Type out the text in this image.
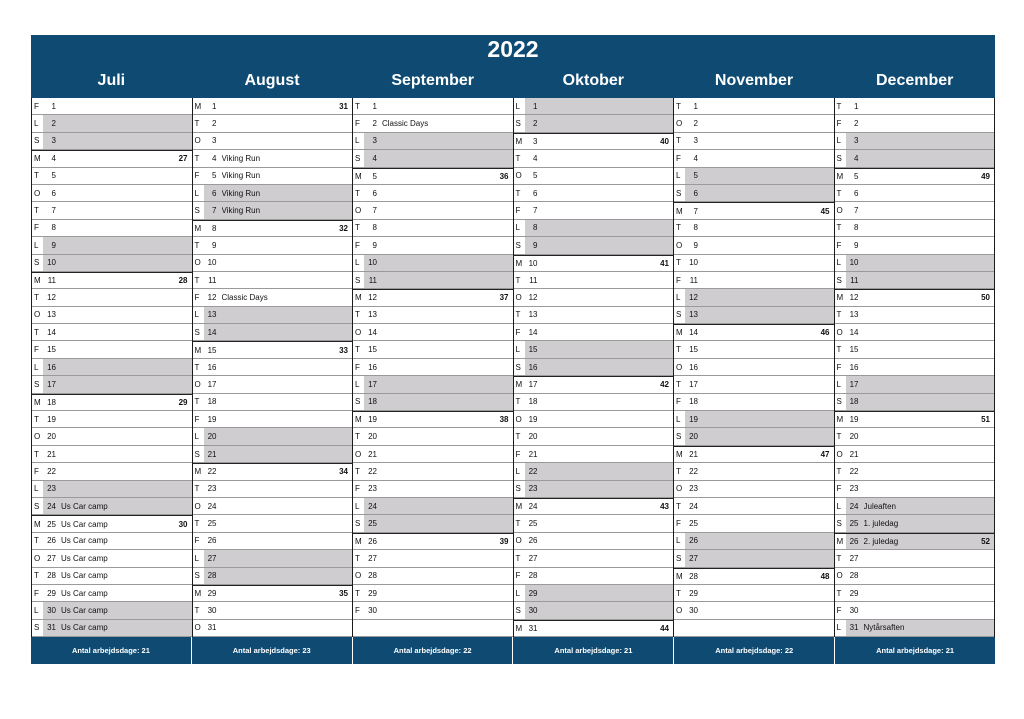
2022
Juli	August	September	Oktober	November	December
F	1
L	2
S	3
M	4	27
T	5
O	6
T	7
F	8
L	9
S 10
M 11	28
T	12
O 13
T	14
F	15
L	16
S 17
M 18	29
T	19
O 20
T	21
F	22
L	23
S 24 Us Car camp
M 25 Us Car camp	30
T	26 Us Car camp
O 27 Us Car camp
T	28 Us Car camp
F	29 Us Car camp
L	30 Us Car camp
S 31 Us Car camp
M	1	31
T	2
O	3
T	4 Viking Run
F	5 Viking Run
L	6 Viking Run
S	7 Viking Run
M	8	32
T	9
O 10
T	11
F	12 Classic Days
L	13
S 14
M 15	33
T	16
O 17
T	18
F	19
L	20
S 21
M 22	34
T	23
O 24
T	25
F	26
L	27
S 28
M 29	35
T	30
O 31
T	1
F	2 Classic Days
L	3
S	4
M	5	36
T	6
O	7
T	8
F	9
L	10
S	11
M 12	37
T	13
O 14
T	15
F	16
L	17
S 18
M 19	38
T	20
O 21
T	22
F	23
L	24
S 25
M 26	39
T	27
O 28
T	29
F	30
L	1
S	2
M	3	40
T	4
O	5
T	6
F	7
L	8
S	9
M 10	41
T	11
O 12
T	13
F	14
L	15
S 16
M 17	42
T	18
O 19
T	20
F	21
L	22
S 23
M 24	43
T	25
O 26
T	27
F	28
L	29
S 30
M 31	44
T	1
O	2
T	3
F	4
L	5
S	6
M	7	45
T	8
O	9
T	10
F	11
L	12
S 13
M 14	46
T	15
O 16
T	17
F	18
L	19
S 20
M 21	47
T	22
O 23
T	24
F	25
L	26
S 27
M 28	48
T	29
O 30
T	1
F	2
L	3
S	4
M	5	49
T	6
O	7
T	8
F	9
L	10
S	11
M 12	50
T	13
O 14
T	15
F	16
L	17
S 18
M 19	51
T	20
O 21
T	22
F	23
L	24 Juleaften
S 25 1. juledag
M 26 2. juledag	52
T	27
O 28
T	29
F	30
L	31 Nytårsaften
Antal arbejdsdage: 21	Antal arbejdsdage: 23	Antal arbejdsdage: 22	Antal arbejdsdage: 21	Antal arbejdsdage: 22	Antal arbejdsdage: 21
